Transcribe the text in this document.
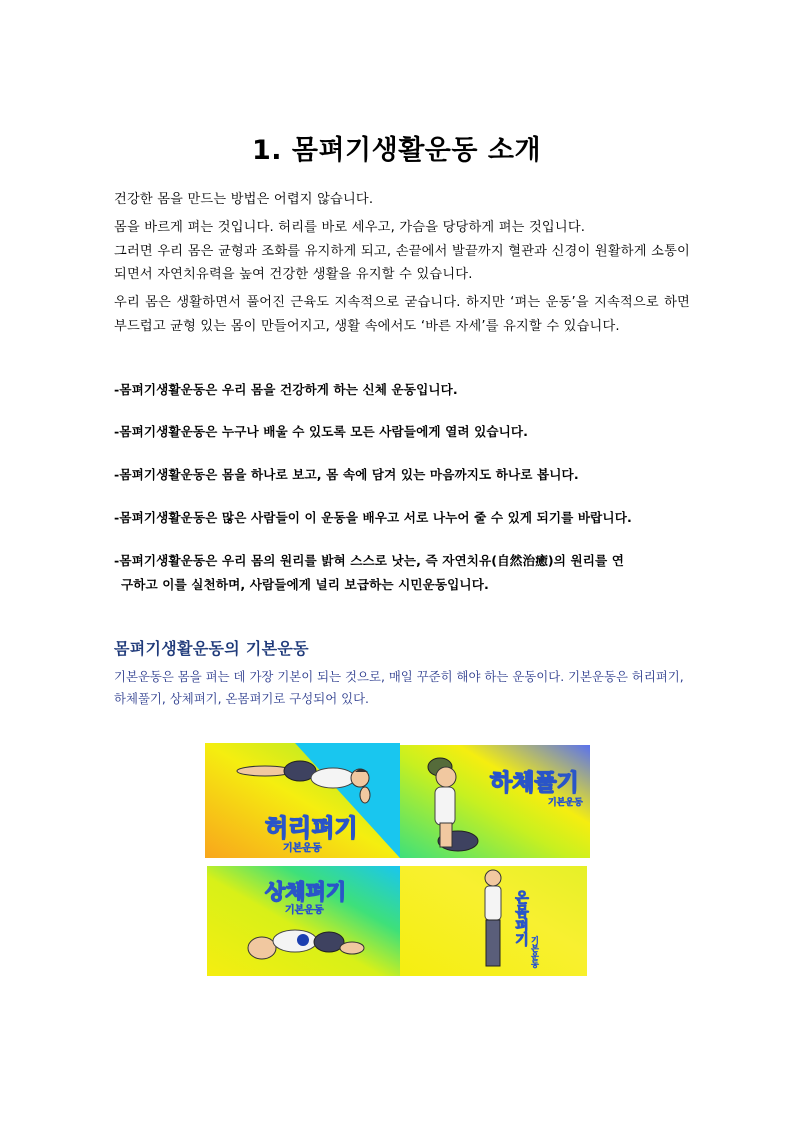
1. 몸펴기생활운동 소개
건강한 몸을 만드는 방법은 어렵지 않습니다.
몸을 바르게 펴는 것입니다. 허리를 바로 세우고, 가슴을 당당하게 펴는 것입니다.
그러면 우리 몸은 균형과 조화를 유지하게 되고, 손끝에서 발끝까지 혈관과 신경이 원활하게 소통이 되면서 자연치유력을 높여 건강한 생활을 유지할 수 있습니다.
우리 몸은 생활하면서 풀어진 근육도 지속적으로 굳습니다. 하지만 ‘펴는 운동’을 지속적으로 하면 부드럽고 균형 있는 몸이 만들어지고, 생활 속에서도 ‘바른 자세’를 유지할 수 있습니다.
-몸펴기생활운동은 우리 몸을 건강하게 하는 신체 운동입니다.
-몸펴기생활운동은 누구나 배울 수 있도록 모든 사람들에게 열려 있습니다.
-몸펴기생활운동은 몸을 하나로 보고, 몸 속에 담겨 있는 마음까지도 하나로 봅니다.
-몸펴기생활운동은 많은 사람들이 이 운동을 배우고 서로 나누어 줄 수 있게 되기를 바랍니다.
-몸펴기생활운동은 우리 몸의 원리를 밝혀 스스로 낫는, 즉 자연치유(自然治癒)의 원리를 연
구하고 이를 실천하며, 사람들에게 널리 보급하는 시민운동입니다.
몸펴기생활운동의 기본운동
기본운동은 몸을 펴는 데 가장 기본이 되는 것으로, 매일 꾸준히 해야 하는 운동이다. 기본운동은 허리펴기, 하체풀기, 상체펴기, 온몸펴기로 구성되어 있다.
허리펴기
기본운동
하체풀기
기본운동
상체펴기
기본운동	온몸펴기
기본운동
